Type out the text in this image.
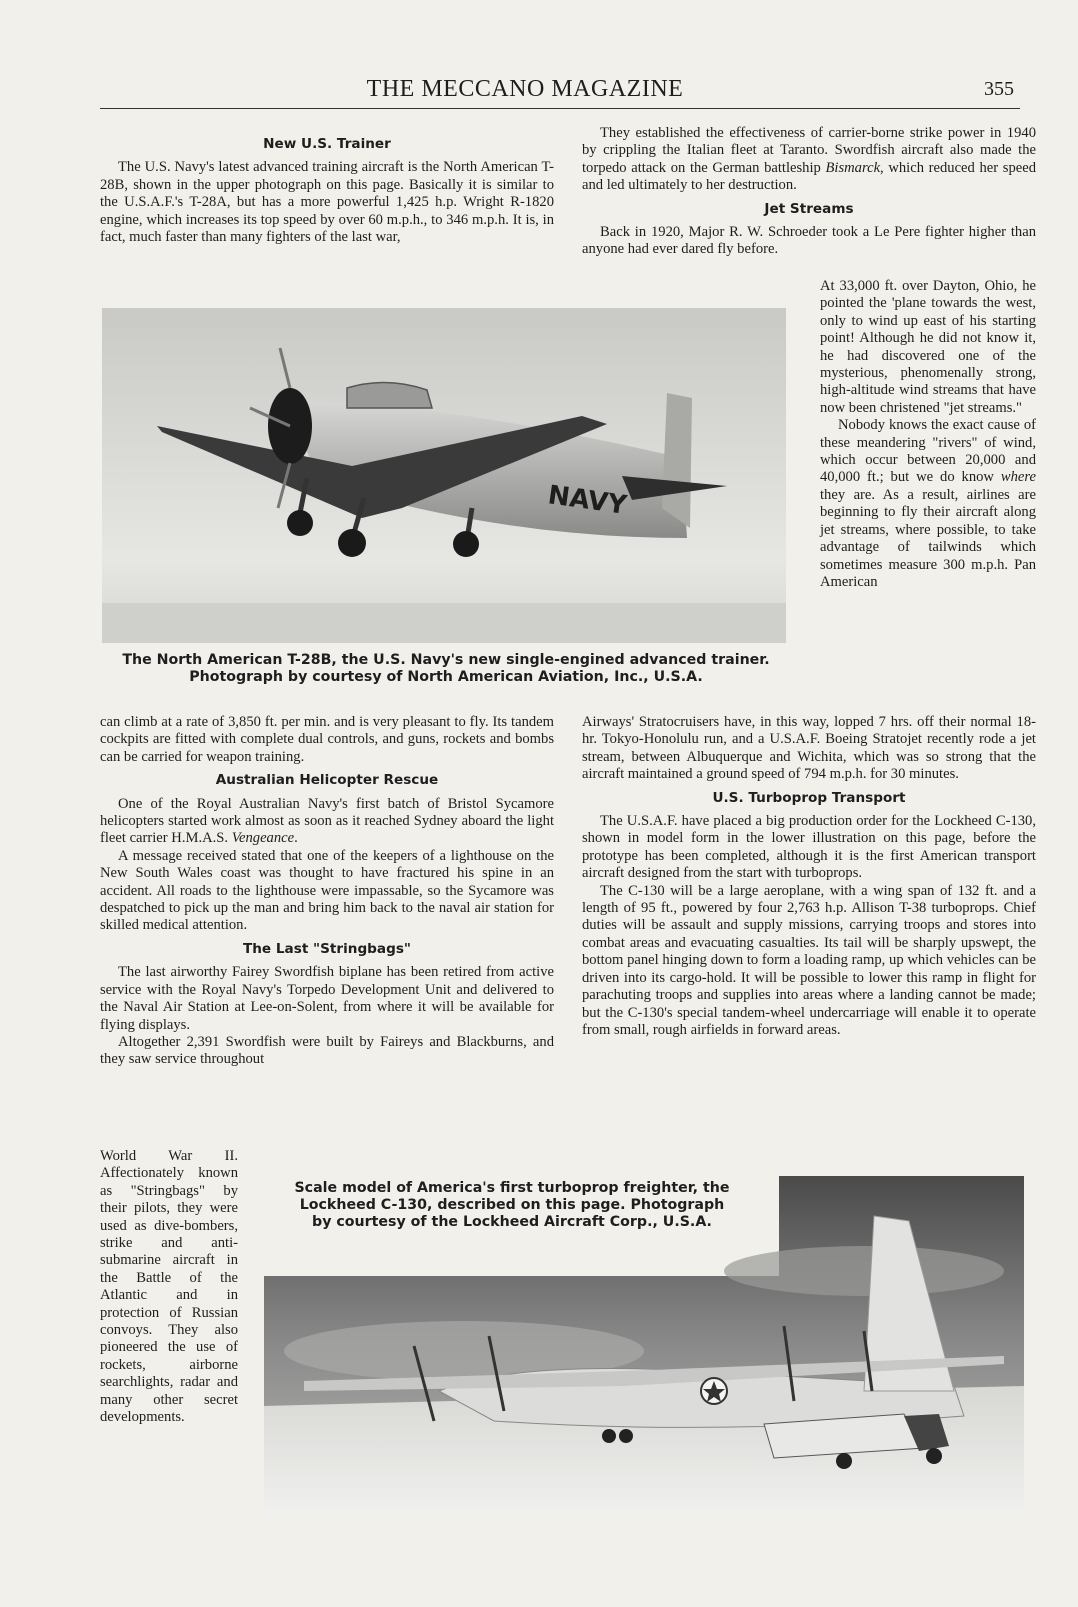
THE MECCANO MAGAZINE	355
New U.S. Trainer

The U.S. Navy's latest advanced training aircraft is the North American T-28B, shown in the upper photograph on this page. Basically it is similar to the U.S.A.F.'s T-28A, but has a more powerful 1,425 h.p. Wright R-1820 engine, which increases its top speed by over 60 m.p.h., to 346 m.p.h. It is, in fact, much faster than many fighters of the last war,

They established the effectiveness of carrier-borne strike power in 1940 by crippling the Italian fleet at Taranto. Swordfish aircraft also made the torpedo attack on the German battleship Bismarck, which reduced her speed and led ultimately to her destruction.

Jet Streams

Back in 1920, Major R. W. Schroeder took a Le Pere fighter higher than anyone had ever dared fly before.

At 33,000 ft. over Dayton, Ohio, he pointed the 'plane towards the west, only to wind up east of his starting point! Although he did not know it, he had discovered one of the mysterious, phenomenally strong, high-altitude wind streams that have now been christened "jet streams."

Nobody knows the exact cause of these meandering "rivers" of wind, which occur between 20,000 and 40,000 ft.; but we do know where they are. As a result, airlines are beginning to fly their aircraft along jet streams, where possible, to take advantage of tailwinds which sometimes measure 300 m.p.h. Pan American

NAVY
The North American T-28B, the U.S. Navy's new single-engined advanced trainer.
Photograph by courtesy of North American Aviation, Inc., U.S.A.

can climb at a rate of 3,850 ft. per min. and is very pleasant to fly. Its tandem cockpits are fitted with complete dual controls, and guns, rockets and bombs can be carried for weapon training.

Australian Helicopter Rescue

One of the Royal Australian Navy's first batch of Bristol Sycamore helicopters started work almost as soon as it reached Sydney aboard the light fleet carrier H.M.A.S. Vengeance.

A message received stated that one of the keepers of a lighthouse on the New South Wales coast was thought to have fractured his spine in an accident. All roads to the lighthouse were impassable, so the Sycamore was despatched to pick up the man and bring him back to the naval air station for skilled medical attention.

The Last "Stringbags"

The last airworthy Fairey Swordfish biplane has been retired from active service with the Royal Navy's Torpedo Development Unit and delivered to the Naval Air Station at Lee-on-Solent, from where it will be available for flying displays.

Altogether 2,391 Swordfish were built by Faireys and Blackburns, and they saw service throughout

World War II. Affectionately known as "Stringbags" by their pilots, they were used as dive-bombers, strike and anti-submarine aircraft in the Battle of the Atlantic and in protection of Russian convoys. They also pioneered the use of rockets, airborne searchlights, radar and many other secret developments.

Airways' Stratocruisers have, in this way, lopped 7 hrs. off their normal 18-hr. Tokyo-Honolulu run, and a U.S.A.F. Boeing Stratojet recently rode a jet stream, between Albuquerque and Wichita, which was so strong that the aircraft maintained a ground speed of 794 m.p.h. for 30 minutes.

U.S. Turboprop Transport

The U.S.A.F. have placed a big production order for the Lockheed C-130, shown in model form in the lower illustration on this page, before the prototype has been completed, although it is the first American transport aircraft designed from the start with turboprops.

The C-130 will be a large aeroplane, with a wing span of 132 ft. and a length of 95 ft., powered by four 2,763 h.p. Allison T-38 turboprops. Chief duties will be assault and supply missions, carrying troops and stores into combat areas and evacuating casualties. Its tail will be sharply upswept, the bottom panel hinging down to form a loading ramp, up which vehicles can be driven into its cargo-hold. It will be possible to lower this ramp in flight for parachuting troops and supplies into areas where a landing cannot be made; but the C-130's special tandem-wheel undercarriage will enable it to operate from small, rough airfields in forward areas.

Scale model of America's first turboprop freighter, the
Lockheed C-130, described on this page. Photograph
by courtesy of the Lockheed Aircraft Corp., U.S.A.
